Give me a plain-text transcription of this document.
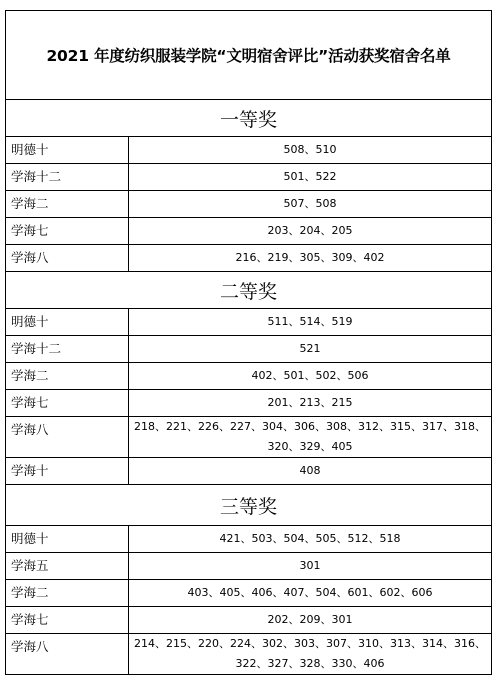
2021 年度纺织服装学院“文明宿舍评比”活动获奖宿舍名单	
一等奖	
明德十	508、510
学海十二	501、522
学海二	507、508
学海七	203、204、205
学海八	216、219、305、309、402
二等奖	
明德十	511、514、519
学海十二	521
学海二	402、501、502、506
学海七	201、213、215
学海八	218、221、226、227、304、306、308、312、315、317、318、320、329、405
学海十	408
三等奖	
明德十	421、503、504、505、512、518
学海五	301
学海二	403、405、406、407、504、601、602、606
学海七	202、209、301
学海八	214、215、220、224、302、303、307、310、313、314、316、322、327、328、330、406
